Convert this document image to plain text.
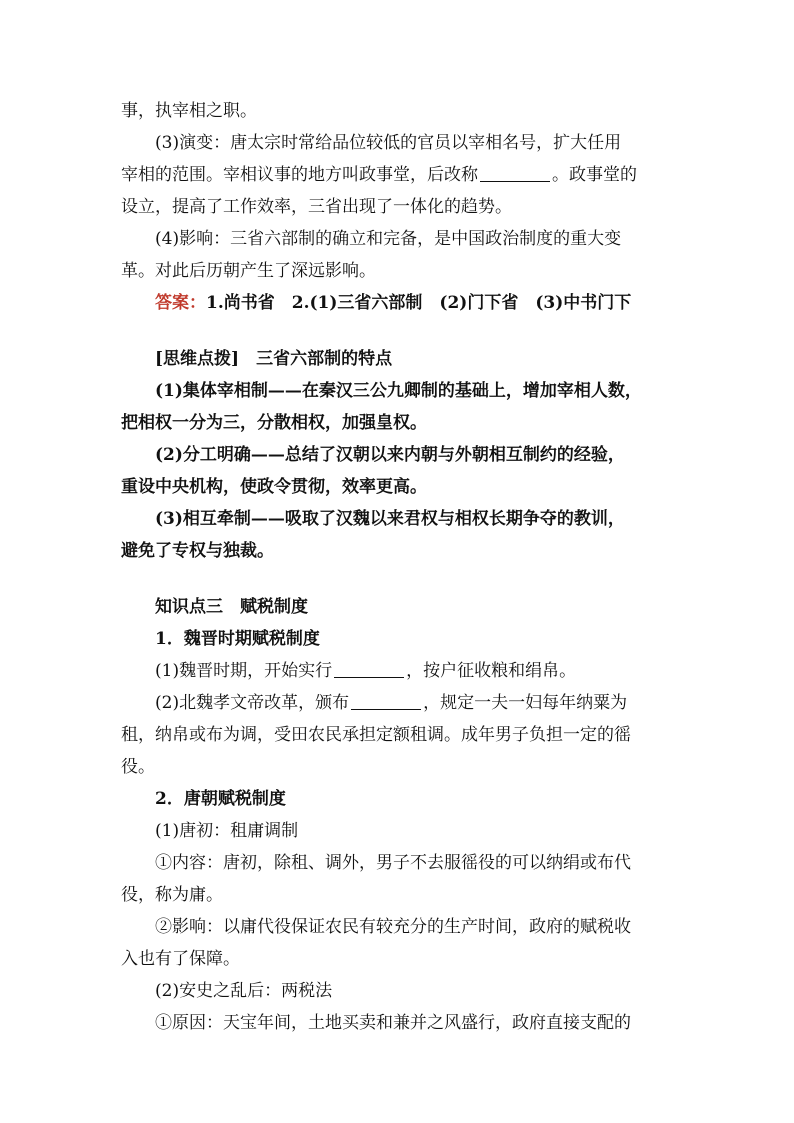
事，执宰相之职。
(3)演变：唐太宗时常给品位较低的官员以宰相名号，扩大任用
宰相的范围。宰相议事的地方叫政事堂，后改称	。政事堂的
设立，提高了工作效率，三省出现了一体化的趋势。
(4)影响：三省六部制的确立和完备，是中国政治制度的重大变
革。对此后历朝产生了深远影响。
答案：1.尚书省　2.(1)三省六部制　(2)门下省　(3)中书门下
[思维点拨]　三省六部制的特点
(1)集体宰相制——在秦汉三公九卿制的基础上，增加宰相人数，
把相权一分为三，分散相权，加强皇权。
(2)分工明确——总结了汉朝以来内朝与外朝相互制约的经验，
重设中央机构，使政令贯彻，效率更高。
(3)相互牵制——吸取了汉魏以来君权与相权长期争夺的教训，
避免了专权与独裁。
知识点三　赋税制度
1．魏晋时期赋税制度
(1)魏晋时期，开始实行	，按户征收粮和绢帛。
(2)北魏孝文帝改革，颁布	，规定一夫一妇每年纳粟为
租，纳帛或布为调，受田农民承担定额租调。成年男子负担一定的徭
役。
2．唐朝赋税制度
(1)唐初：租庸调制
①内容：唐初，除租、调外，男子不去服徭役的可以纳绢或布代
役，称为庸。
②影响：以庸代役保证农民有较充分的生产时间，政府的赋税收
入也有了保障。
(2)安史之乱后：两税法
①原因：天宝年间，土地买卖和兼并之风盛行，政府直接支配的
